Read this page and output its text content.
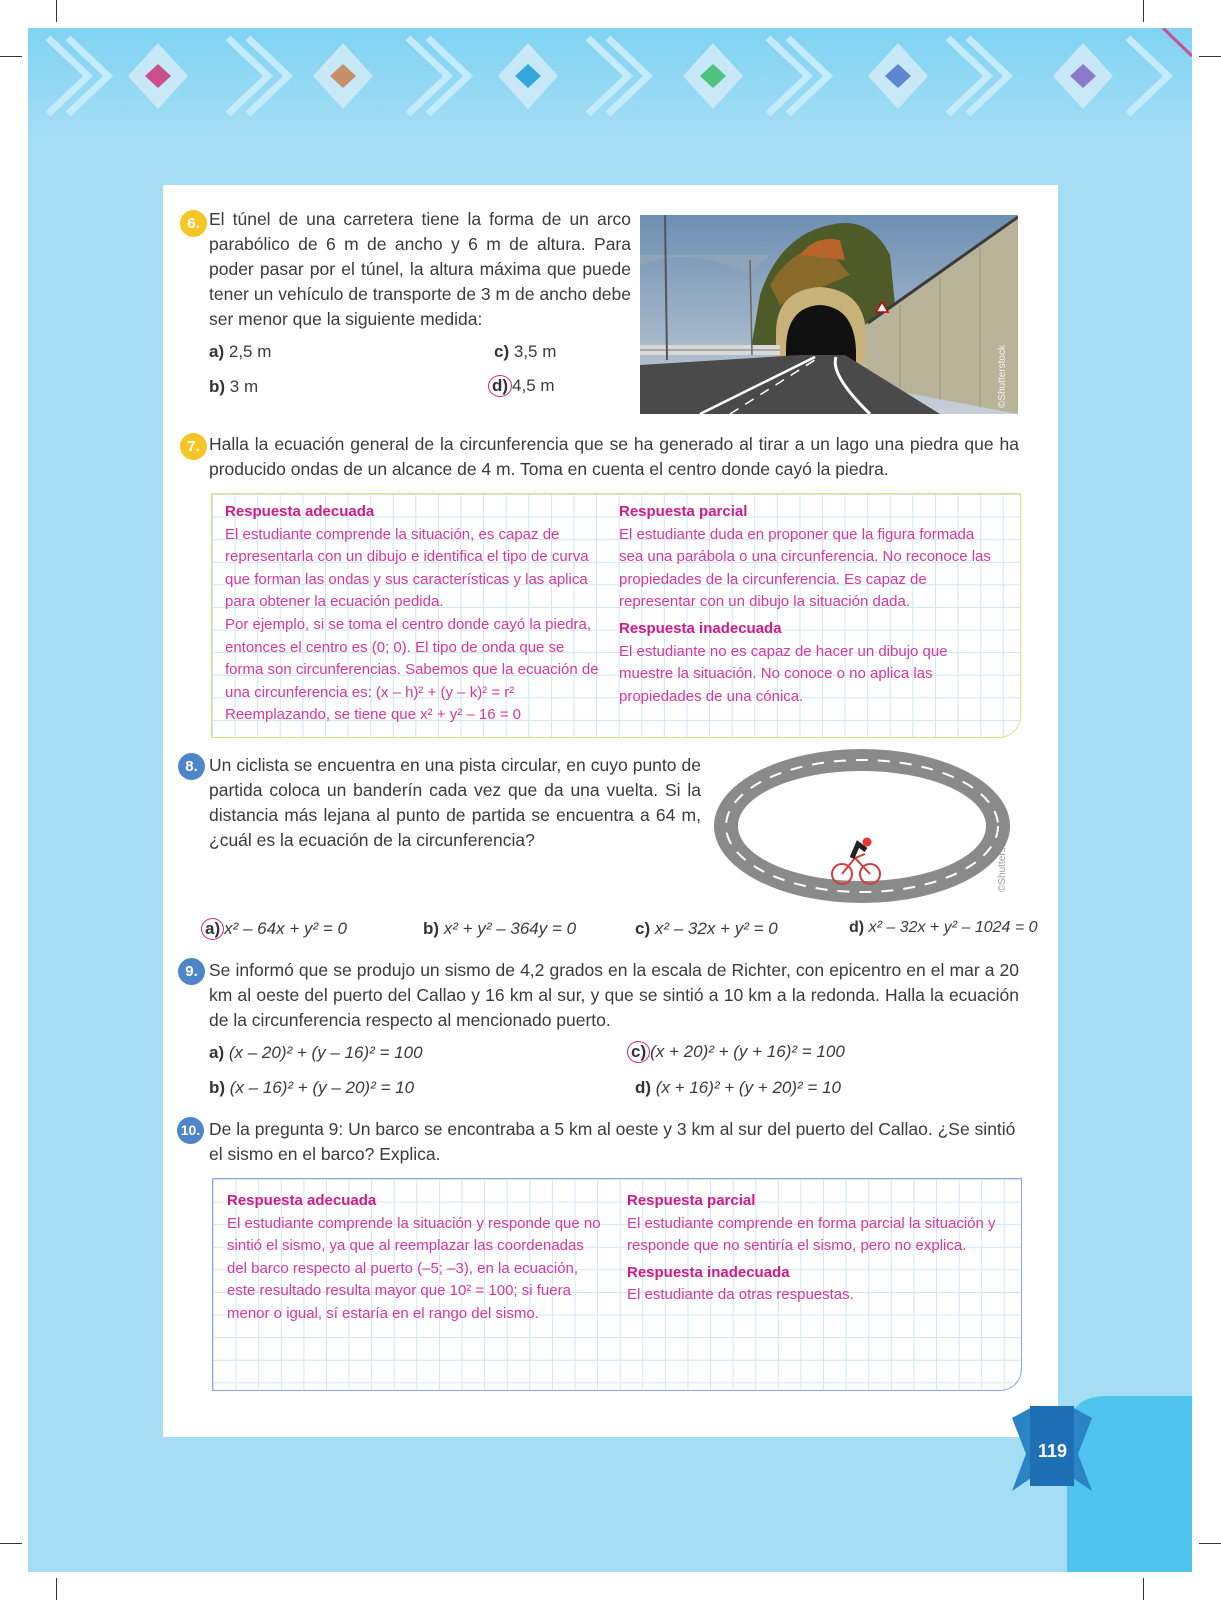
6. El túnel de una carretera tiene la forma de un arco parabólico de 6 m de ancho y 6 m de altura. Para poder pasar por el túnel, la altura máxima que puede tener un vehículo de transporte de 3 m de ancho debe ser menor que la siguiente medida:
a) 2,5 m
b) 3 m
c) 3,5 m
d) 4,5 m	©Shutterstock
7. Halla la ecuación general de la circunferencia que se ha generado al tirar a un lago una piedra que ha producido ondas de un alcance de 4 m. Toma en cuenta el centro donde cayó la piedra.
Respuesta adecuada
El estudiante comprende la situación, es capaz de representarla con un dibujo e identifica el tipo de curva que forman las ondas y sus características y las aplica para obtener la ecuación pedida.
Por ejemplo, si se toma el centro donde cayó la piedra, entonces el centro es (0; 0). El tipo de onda que se forma son circunferencias. Sabemos que la ecuación de una circunferencia es: (x – h)² + (y – k)² = r²
Reemplazando, se tiene que x² + y² – 16 = 0
Respuesta parcial
El estudiante duda en proponer que la figura formada sea una parábola o una circunferencia. No reconoce las propiedades de la circunferencia. Es capaz de representar con un dibujo la situación dada.
Respuesta inadecuada
El estudiante no es capaz de hacer un dibujo que muestre la situación. No conoce o no aplica las propiedades de una cónica.
8. Un ciclista se encuentra en una pista circular, en cuyo punto de partida coloca un banderín cada vez que da una vuelta. Si la distancia más lejana al punto de partida se encuentra a 64 m, ¿cuál es la ecuación de la circunferencia?	©Shutterstock
a) x² – 64x + y² = 0	b) x² + y² – 364y = 0	c) x² – 32x + y² = 0	d) x² – 32x + y² – 1024 = 0
9. Se informó que se produjo un sismo de 4,2 grados en la escala de Richter, con epicentro en el mar a 20 km al oeste del puerto del Callao y 16 km al sur, y que se sintió a 10 km a la redonda. Halla la ecuación de la circunferencia respecto al mencionado puerto.
a) (x – 20)² + (y – 16)² = 100
b) (x – 16)² + (y – 20)² = 10
c) (x + 20)² + (y + 16)² = 100
d) (x + 16)² + (y + 20)² = 10
10. De la pregunta 9: Un barco se encontraba a 5 km al oeste y 3 km al sur del puerto del Callao. ¿Se sintió el sismo en el barco? Explica.
Respuesta adecuada
El estudiante comprende la situación y responde que no sintió el sismo, ya que al reemplazar las coordenadas del barco respecto al puerto (–5; –3), en la ecuación, este resultado resulta mayor que 10² = 100; si fuera menor o igual, sí estaría en el rango del sismo.
Respuesta parcial
El estudiante comprende en forma parcial la situación y responde que no sentiría el sismo, pero no explica.
Respuesta inadecuada
El estudiante da otras respuestas.
119
